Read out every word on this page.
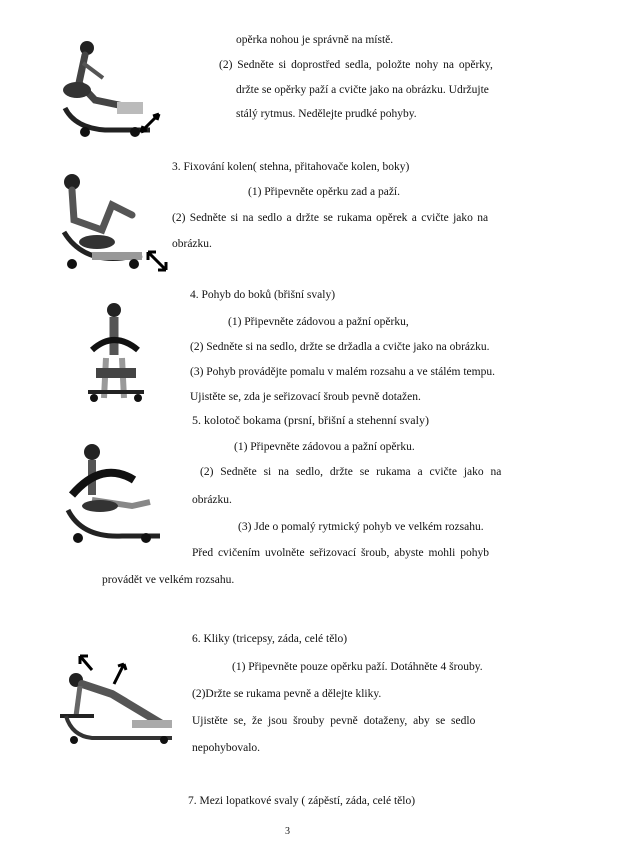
opěrka nohou je správně na místě.
(2) Sedněte si doprostřed sedla, položte nohy na opěrky,
držte se opěrky paží a cvičte jako na obrázku. Udržujte
stálý rytmus. Nedělejte prudké pohyby.
3. Fixování kolen( stehna, přitahovače kolen, boky)
(1) Připevněte opěrku zad a paží.
(2) Sedněte si na sedlo a držte se rukama opěrek a cvičte jako na
obrázku.
4. Pohyb do boků (břišní svaly)
(1) Připevněte zádovou a pažní opěrku,
(2) Sedněte si na sedlo, držte se držadla a cvičte jako na obrázku.
(3) Pohyb provádějte pomalu v malém rozsahu a ve stálém tempu.
Ujistěte se, zda je seřizovací šroub pevně dotažen.
5. kolotoč bokama (prsní, břišní a stehenní svaly)
(1) Připevněte zádovou a pažní opěrku.
(2) Sedněte si na sedlo, držte se rukama a cvičte jako na
obrázku.
(3) Jde o pomalý rytmický pohyb ve velkém rozsahu.
Před cvičením uvolněte seřizovací šroub, abyste mohli pohyb
provádět ve velkém rozsahu.
6. Kliky (tricepsy, záda, celé tělo)
(1) Připevněte pouze opěrku paží. Dotáhněte 4 šrouby.
(2)Držte se rukama pevně a dělejte kliky.
Ujistěte se, že jsou šrouby pevně dotaženy, aby se sedlo
nepohybovalo.
7. Mezi lopatkové svaly ( zápěstí, záda, celé tělo)
3
